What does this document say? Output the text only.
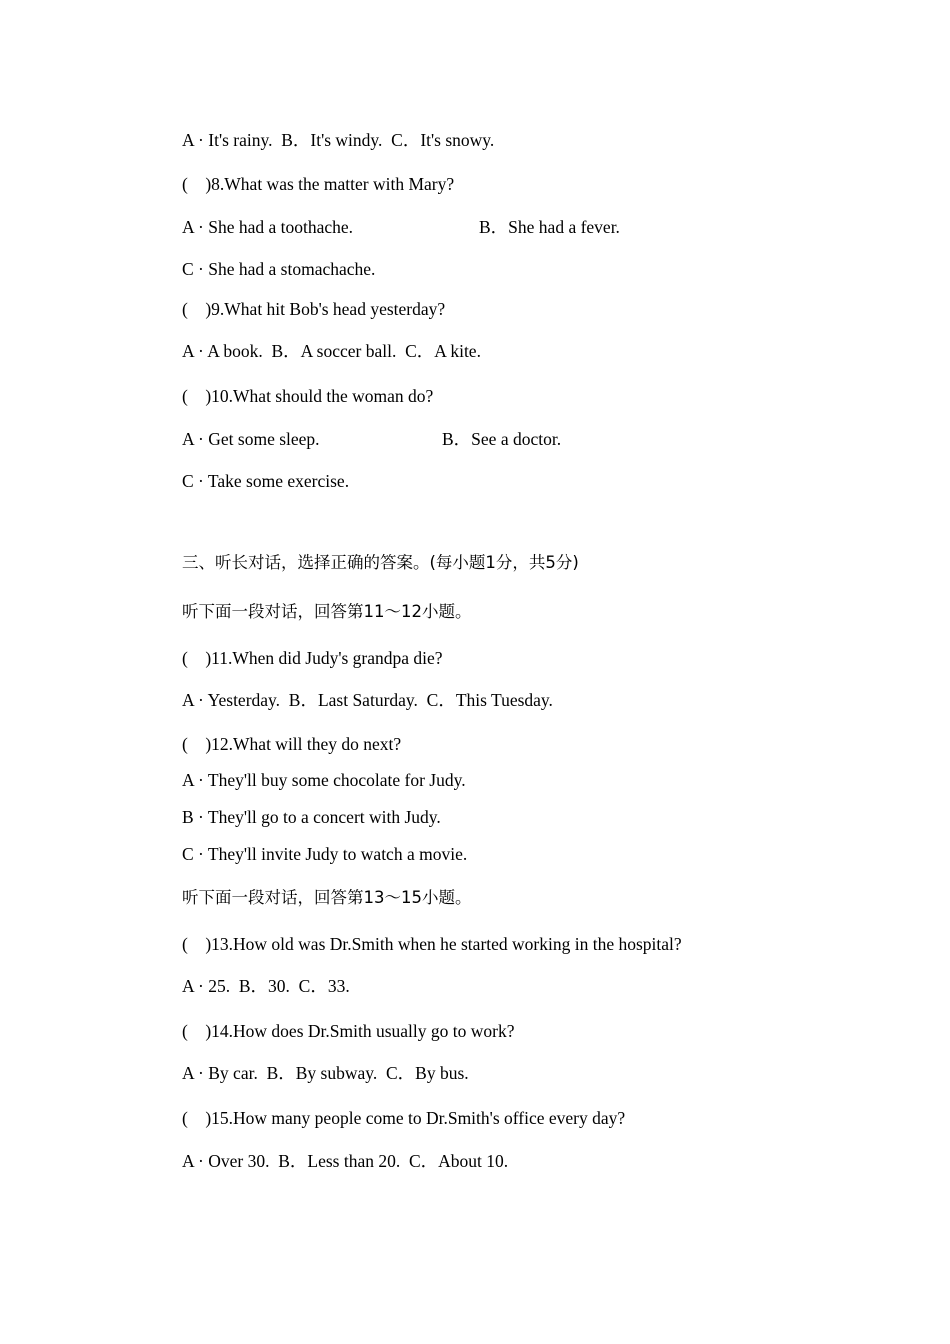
A · It's rainy.  B．It's windy.  C．It's snowy.
(    )8.What was the matter with Mary?
A · She had a toothache.	B．She had a fever.
C · She had a stomachache.
(    )9.What hit Bob's head yesterday?
A · A book.  B．A soccer ball.  C．A kite.
(    )10.What should the woman do?
A · Get some sleep.	B．See a doctor.
C · Take some exercise.
三、听长对话，选择正确的答案。(每小题1分，共5分)
听下面一段对话，回答第11～12小题。
(    )11.When did Judy's grandpa die?
A · Yesterday.  B．Last Saturday.  C．This Tuesday.
(    )12.What will they do next?
A · They'll buy some chocolate for Judy.
B · They'll go to a concert with Judy.
C · They'll invite Judy to watch a movie.
听下面一段对话，回答第13～15小题。
(    )13.How old was Dr.Smith when he started working in the hospital?
A · 25.  B．30.  C．33.
(    )14.How does Dr.Smith usually go to work?
A · By car.  B．By subway.  C．By bus.
(    )15.How many people come to Dr.Smith's office every day?
A · Over 30.  B．Less than 20.  C．About 10.
